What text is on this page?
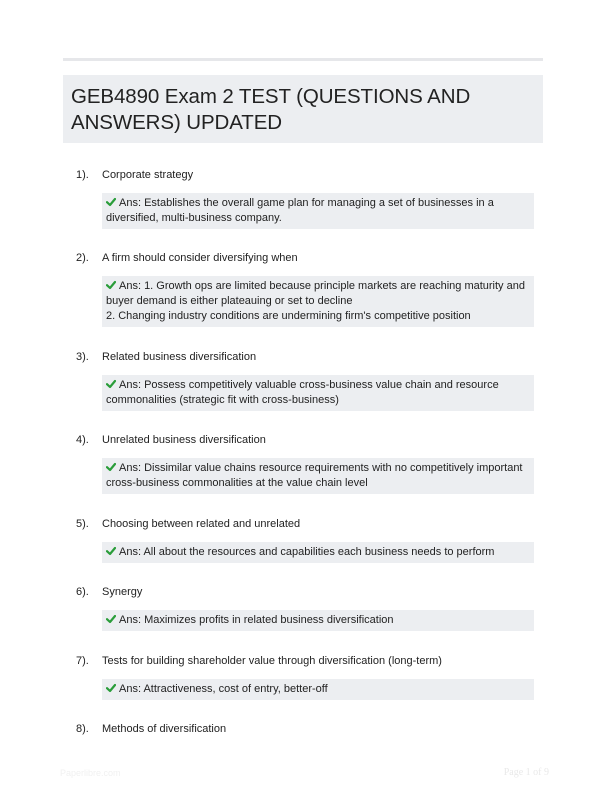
GEB4890 Exam 2 TEST (QUESTIONS AND
ANSWERS) UPDATED
1). Corporate strategy
Ans: Establishes the overall game plan for managing a set of businesses in a
diversified, multi-business company.
2). A firm should consider diversifying when
Ans: 1. Growth ops are limited because principle markets are reaching maturity and
buyer demand is either plateauing or set to decline
2. Changing industry conditions are undermining firm's competitive position
3). Related business diversification
Ans: Possess competitively valuable cross-business value chain and resource
commonalities (strategic fit with cross-business)
4). Unrelated business diversification
Ans: Dissimilar value chains resource requirements with no competitively important
cross-business commonalities at the value chain level
5). Choosing between related and unrelated
Ans: All about the resources and capabilities each business needs to perform
6). Synergy
Ans: Maximizes profits in related business diversification
7). Tests for building shareholder value through diversification (long-term)
Ans: Attractiveness, cost of entry, better-off
8). Methods of diversification
Paperlibre.com	Page 1 of 9
